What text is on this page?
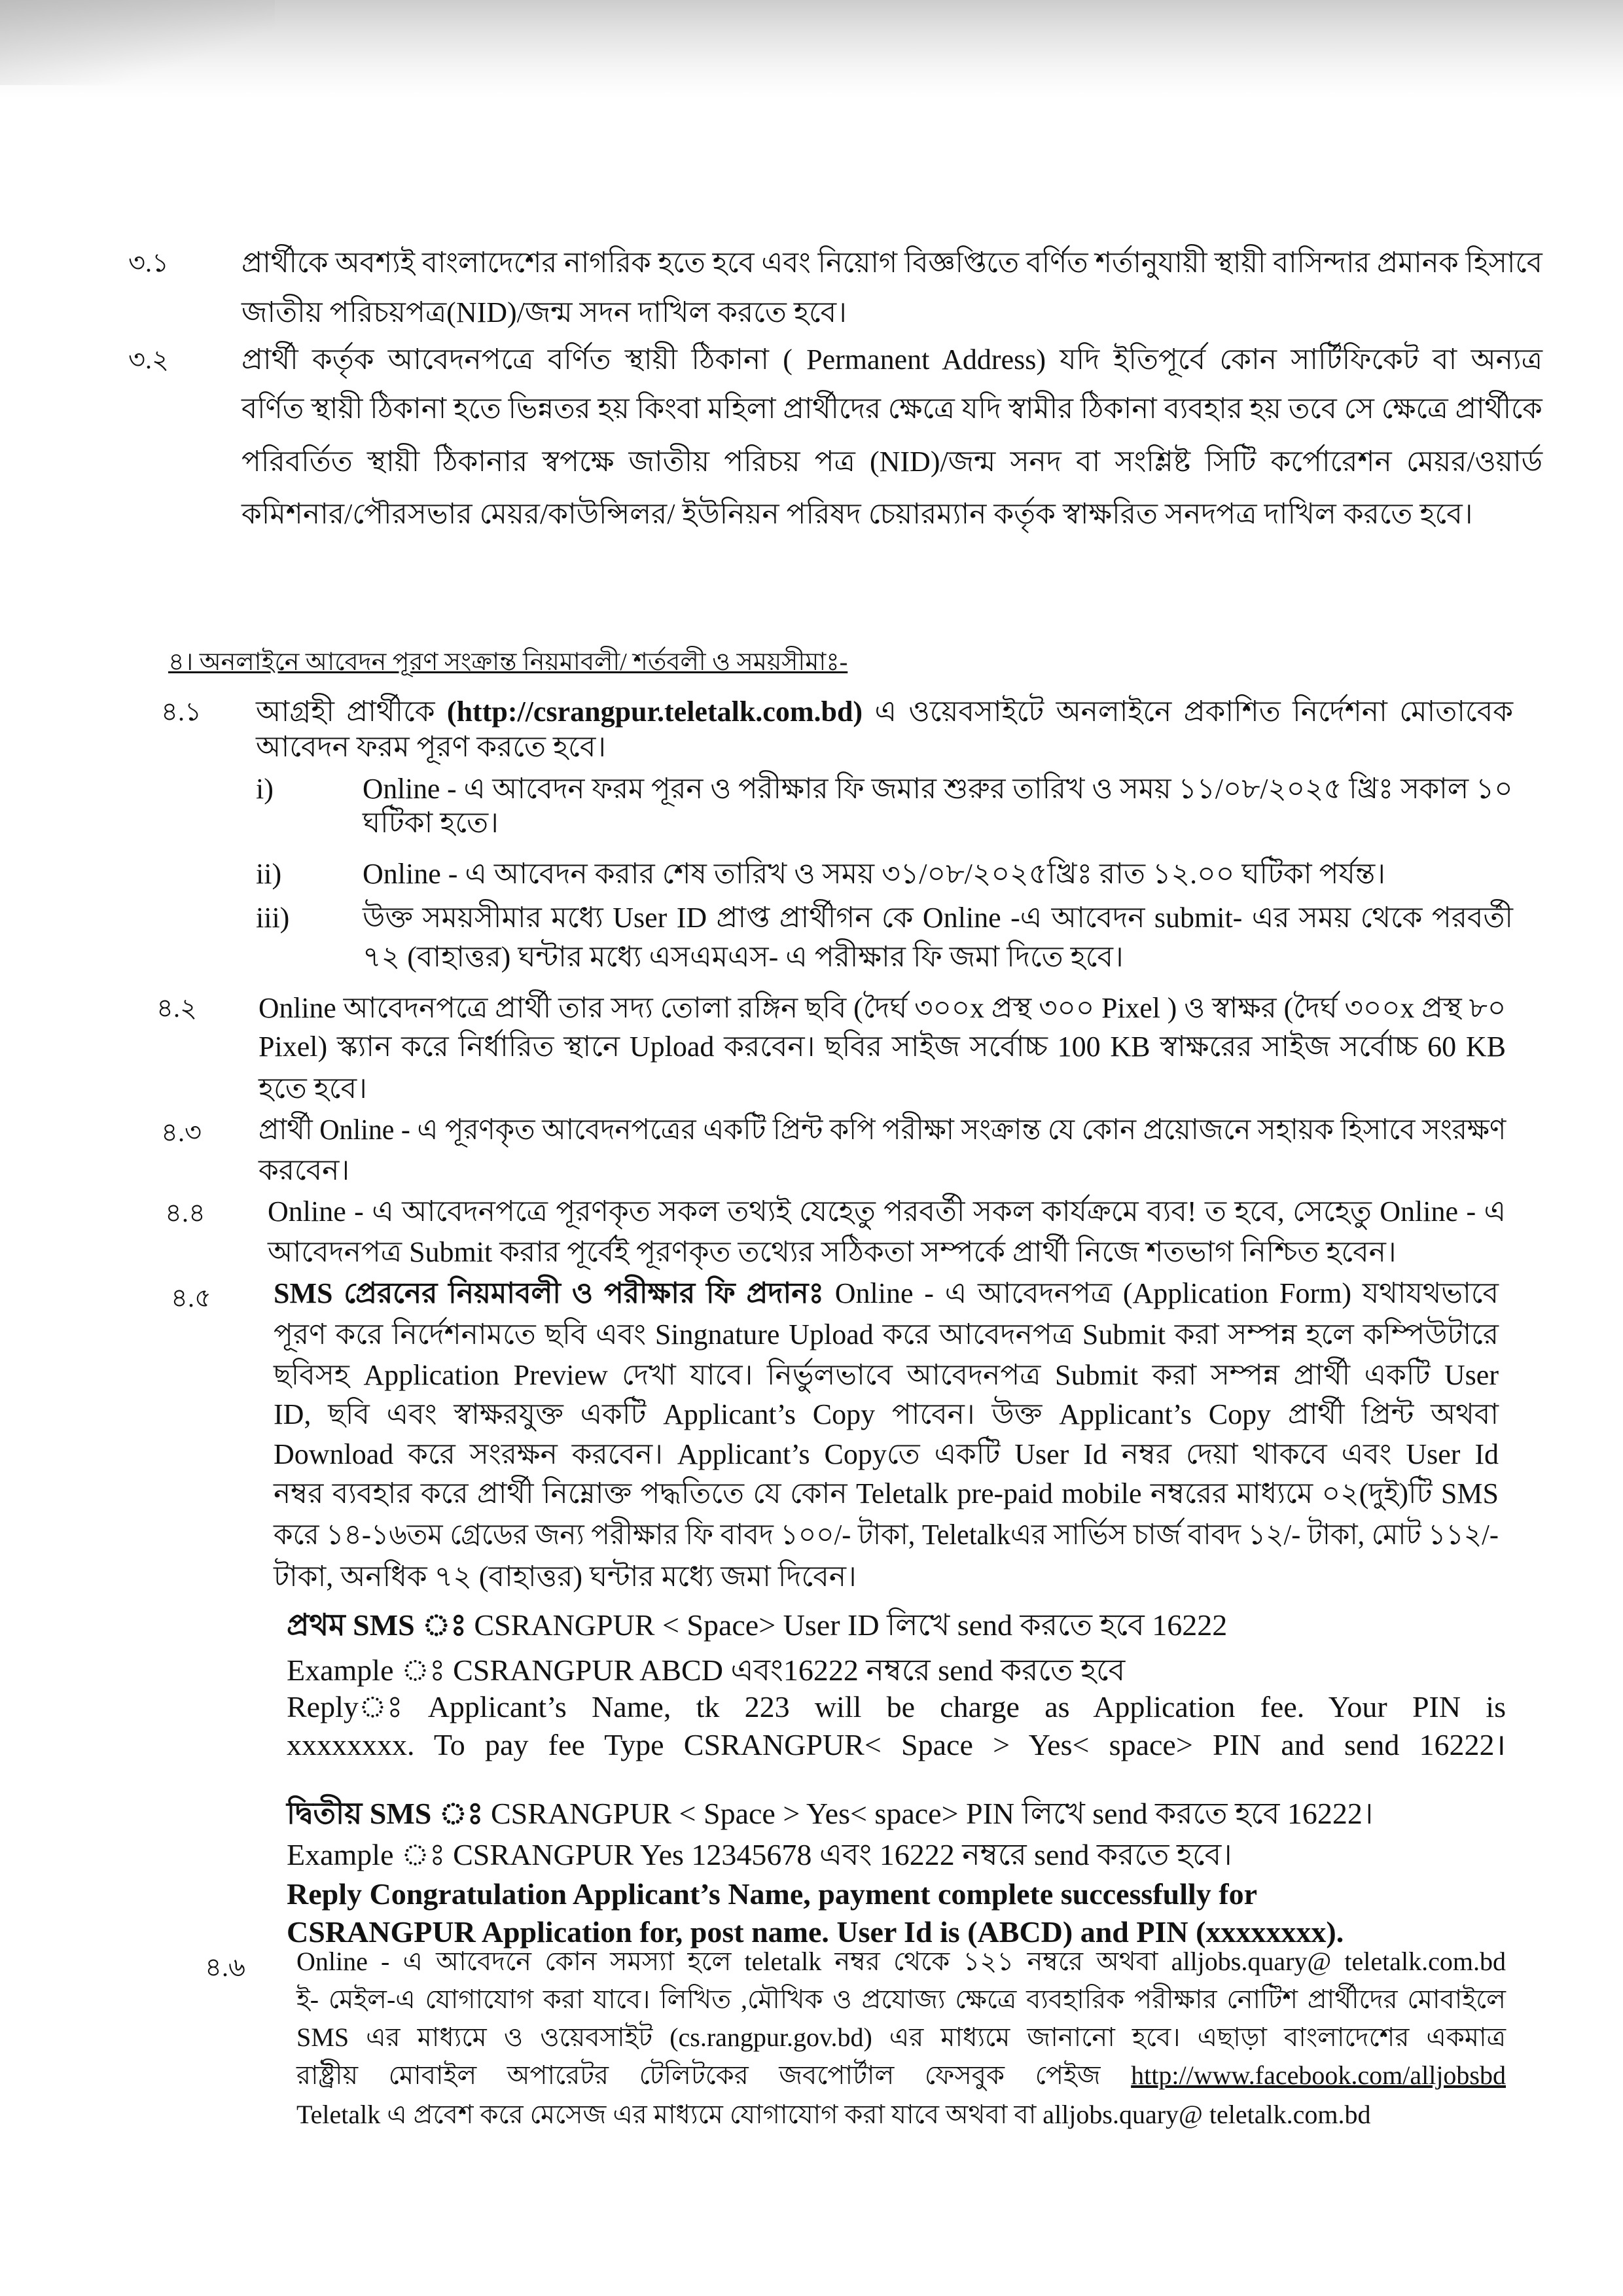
৩.১	প্রার্থীকে অবশ্যই বাংলাদেশের নাগরিক হতে হবে এবং নিয়োগ বিজ্ঞপ্তিতে বর্ণিত শর্তানুযায়ী স্থায়ী বাসিন্দার প্রমানক হিসাবে
জাতীয় পরিচয়পত্র(NID)/জন্ম সদন দাখিল করতে হবে।
৩.২	প্রার্থী কর্তৃক আবেদনপত্রে বর্ণিত স্থায়ী ঠিকানা ( Permanent Address) যদি ইতিপূর্বে কোন সার্টিফিকেট বা অন্যত্র
বর্ণিত স্থায়ী ঠিকানা হতে ভিন্নতর হয় কিংবা মহিলা প্রার্থীদের ক্ষেত্রে যদি স্বামীর ঠিকানা ব্যবহার হয় তবে সে ক্ষেত্রে প্রার্থীকে
পরিবর্তিত স্থায়ী ঠিকানার স্বপক্ষে জাতীয় পরিচয় পত্র (NID)/জন্ম সনদ বা সংশ্লিষ্ট সিটি কর্পোরেশন মেয়র/ওয়ার্ড
কমিশনার/পৌরসভার মেয়র/কাউন্সিলর/ ইউনিয়ন পরিষদ চেয়ারম্যান কর্তৃক স্বাক্ষরিত সনদপত্র দাখিল করতে হবে।
৪। অনলাইনে আবেদন পূরণ সংক্রান্ত নিয়মাবলী/ শর্তবলী ও সময়সীমাঃ-
৪.১ আগ্রহী প্রার্থীকে (http://csrangpur.teletalk.com.bd) এ ওয়েবসাইটে অনলাইনে প্রকাশিত নির্দেশনা মোতাবেক
আবেদন ফরম পূরণ করতে হবে।
i)	Online - এ আবেদন ফরম পূরন ও পরীক্ষার ফি জমার শুরুর তারিখ ও সময় ১১/০৮/২০২৫ খ্রিঃ সকাল ১০
ঘটিকা হতে।
ii)	Online - এ আবেদন করার শেষ তারিখ ও সময় ৩১/০৮/২০২৫খ্রিঃ রাত ১২.০০ ঘটিকা পর্যন্ত।
iii)	উক্ত সময়সীমার মধ্যে User ID প্রাপ্ত প্রার্থীগন কে Online -এ আবেদন submit- এর সময় থেকে পরবর্তী
৭২ (বাহাত্তর) ঘন্টার মধ্যে এসএমএস- এ পরীক্ষার ফি জমা দিতে হবে।
৪.২ Online আবেদনপত্রে প্রার্থী তার সদ্য তোলা রঙ্গিন ছবি (দৈর্ঘ ৩০০x প্রস্থ ৩০০ Pixel ) ও স্বাক্ষর (দৈর্ঘ ৩০০x প্রস্থ ৮০
Pixel) স্ক্যান করে নির্ধারিত স্থানে Upload করবেন। ছবির সাইজ সর্বোচ্চ 100 KB স্বাক্ষরের সাইজ সর্বোচ্চ 60 KB
হতে হবে।
৪.৩ প্রার্থী Online - এ পূরণকৃত আবেদনপত্রের একটি প্রিন্ট কপি পরীক্ষা সংক্রান্ত যে কোন প্রয়োজনে সহায়ক হিসাবে সংরক্ষণ
করবেন।
৪.৪ Online - এ আবেদনপত্রে পূরণকৃত সকল তথ্যই যেহেতু পরবর্তী সকল কার্যক্রমে ব্যব! ত হবে, সেহেতু Online - এ
আবেদনপত্র Submit করার পূর্বেই পূরণকৃত তথ্যের সঠিকতা সম্পর্কে প্রার্থী নিজে শতভাগ নিশ্চিত হবেন।
৪.৫ SMS প্রেরনের নিয়মাবলী ও পরীক্ষার ফি প্রদানঃ Online - এ আবেদনপত্র (Application Form) যথাযথভাবে
পূরণ করে নির্দেশনামতে ছবি এবং Singnature Upload করে আবেদনপত্র Submit করা সম্পন্ন হলে কম্পিউটারে
ছবিসহ Application Preview দেখা যাবে। নির্ভুলভাবে আবেদনপত্র Submit করা সম্পন্ন প্রার্থী একটি User
ID, ছবি এবং স্বাক্ষরযুক্ত একটি Applicant’s Copy পাবেন। উক্ত Applicant’s Copy প্রার্থী প্রিন্ট অথবা
Download করে সংরক্ষন করবেন। Applicant’s Copyতে একটি User Id নম্বর দেয়া থাকবে এবং User Id
নম্বর ব্যবহার করে প্রার্থী নিম্নোক্ত পদ্ধতিতে যে কোন Teletalk pre-paid mobile নম্বরের মাধ্যমে ০২(দুই)টি SMS
করে ১৪-১৬তম গ্রেডের জন্য পরীক্ষার ফি বাবদ ১০০/- টাকা, Teletalkএর সার্ভিস চার্জ বাবদ ১২/- টাকা, মোট ১১২/-
টাকা, অনধিক ৭২ (বাহাত্তর) ঘন্টার মধ্যে জমা দিবেন।
প্রথম SMS ঃ CSRANGPUR < Space> User ID লিখে send করতে হবে 16222
Example ঃ CSRANGPUR ABCD এবং16222 নম্বরে send করতে হবে
Replyঃ Applicant’s Name, tk 223 will be charge as Application fee. Your PIN is
xxxxxxxx. To pay fee Type CSRANGPUR< Space > Yes< space> PIN and send 16222।
দ্বিতীয় SMS ঃ CSRANGPUR < Space > Yes< space> PIN লিখে send করতে হবে 16222।
Example ঃ CSRANGPUR Yes 12345678 এবং 16222 নম্বরে send করতে হবে।
Reply Congratulation Applicant’s Name, payment complete successfully for
CSRANGPUR Application for, post name. User Id is (ABCD) and PIN (xxxxxxxx).
৪.৬ Online - এ আবেদনে কোন সমস্যা হলে teletalk নম্বর থেকে ১২১ নম্বরে অথবা alljobs.quary@ teletalk.com.bd
ই- মেইল-এ যোগাযোগ করা যাবে। লিখিত ,মৌখিক ও প্রযোজ্য ক্ষেত্রে ব্যবহারিক পরীক্ষার নোটিশ প্রার্থীদের মোবাইলে
SMS এর মাধ্যমে ও ওয়েবসাইট (cs.rangpur.gov.bd) এর মাধ্যমে জানানো হবে। এছাড়া বাংলাদেশের একমাত্র
রাষ্ট্রীয় মোবাইল অপারেটর টেলিটকের জবপোর্টাল ফেসবুক পেইজ http://www.facebook.com/alljobsbd
Teletalk এ প্রবেশ করে মেসেজ এর মাধ্যমে যোগাযোগ করা যাবে অথবা বা alljobs.quary@ teletalk.com.bd
